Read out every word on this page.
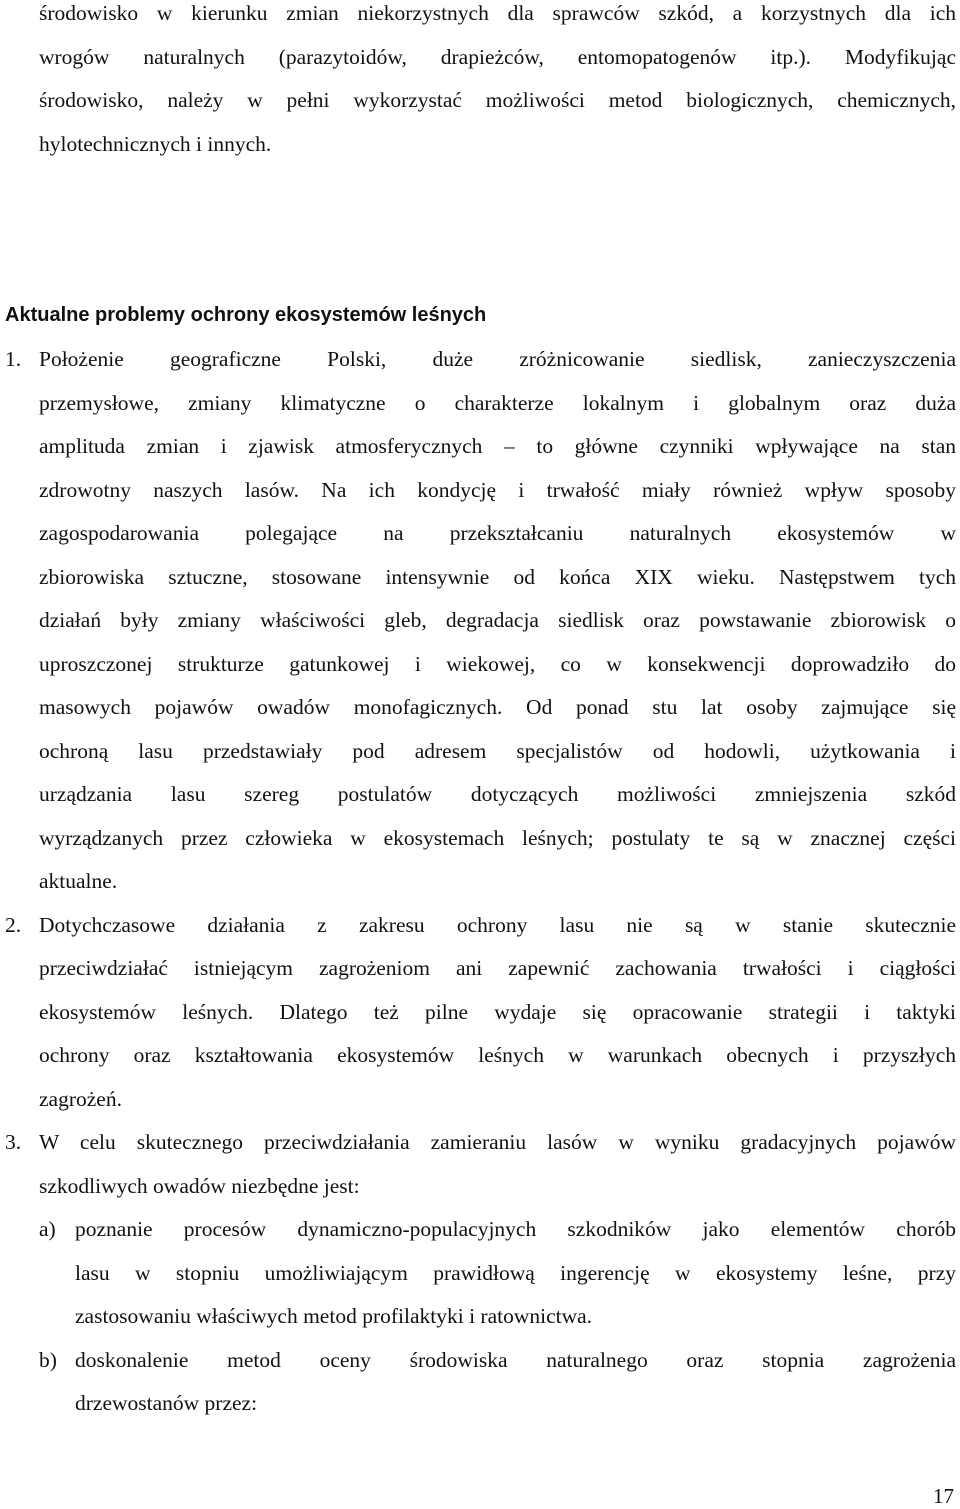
środowisko w kierunku zmian niekorzystnych dla sprawców szkód, a korzystnych dla ich
wrogów naturalnych (parazytoidów, drapieżców, entomopatogenów itp.). Modyfikując
środowisko, należy w pełni wykorzystać możliwości metod biologicznych, chemicznych,
hylotechnicznych i innych.
Aktualne problemy ochrony ekosystemów leśnych
1. Położenie geograficzne Polski, duże zróżnicowanie siedlisk, zanieczyszczenia
przemysłowe, zmiany klimatyczne o charakterze lokalnym i globalnym oraz duża
amplituda zmian i zjawisk atmosferycznych – to główne czynniki wpływające na stan
zdrowotny naszych lasów. Na ich kondycję i trwałość miały również wpływ sposoby
zagospodarowania polegające na przekształcaniu naturalnych ekosystemów w
zbiorowiska sztuczne, stosowane intensywnie od końca XIX wieku. Następstwem tych
działań były zmiany właściwości gleb, degradacja siedlisk oraz powstawanie zbiorowisk o
uproszczonej strukturze gatunkowej i wiekowej, co w konsekwencji doprowadziło do
masowych pojawów owadów monofagicznych. Od ponad stu lat osoby zajmujące się
ochroną lasu przedstawiały pod adresem specjalistów od hodowli, użytkowania i
urządzania lasu szereg postulatów dotyczących możliwości zmniejszenia szkód
wyrządzanych przez człowieka w ekosystemach leśnych; postulaty te są w znacznej części
aktualne.
2. Dotychczasowe działania z zakresu ochrony lasu nie są w stanie skutecznie
przeciwdziałać istniejącym zagrożeniom ani zapewnić zachowania trwałości i ciągłości
ekosystemów leśnych. Dlatego też pilne wydaje się opracowanie strategii i taktyki
ochrony oraz kształtowania ekosystemów leśnych w warunkach obecnych i przyszłych
zagrożeń.
3. W celu skutecznego przeciwdziałania zamieraniu lasów w wyniku gradacyjnych pojawów
szkodliwych owadów niezbędne jest:
a) poznanie procesów dynamiczno-populacyjnych szkodników jako elementów chorób
lasu w stopniu umożliwiającym prawidłową ingerencję w ekosystemy leśne, przy
zastosowaniu właściwych metod profilaktyki i ratownictwa.
b) doskonalenie metod oceny środowiska naturalnego oraz stopnia zagrożenia
drzewostanów przez:
17
